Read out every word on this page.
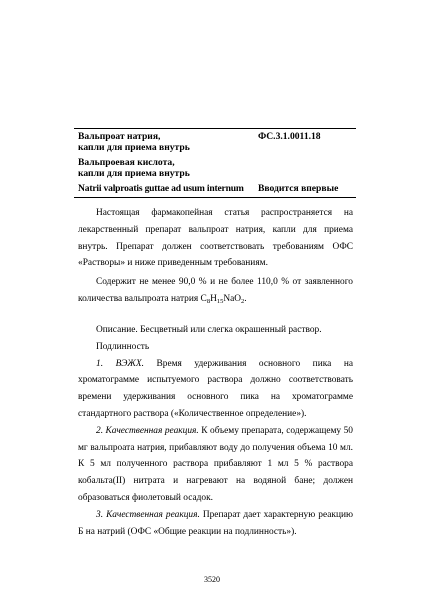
Вальпроат натрия,	ФС.3.1.0011.18
капли для приема внутрь
Вальпроевая кислота,
капли для приема внутрь
Natrii valproatis guttae ad usum internum Вводится впервые

Настоящая фармакопейная статья распространяется на лекарственный препарат вальпроат натрия, капли для приема внутрь. Препарат должен соответствовать требованиям ОФС «Растворы» и ниже приведенным требованиям.

Содержит не менее 90,0 % и не более 110,0 % от заявленного количества вальпроата натрия $C_8H_{15}NaO_2$.

Описание. Бесцветный или слегка окрашенный раствор.

Подлинность

1. ВЭЖХ. Время удерживания основного пика на хроматограмме испытуемого раствора должно соответствовать времени удерживания основного пика на хроматограмме стандартного раствора («Количественное определение»).

2. Качественная реакция. К объему препарата, содержащему 50 мг вальпроата натрия, прибавляют воду до получения объема 10 мл. К 5 мл полученного раствора прибавляют 1 мл 5 % раствора кобальта(II) нитрата и нагревают на водяной бане; должен образоваться фиолетовый осадок.

3. Качественная реакция. Препарат дает характерную реакцию Б на натрий (ОФС «Общие реакции на подлинность»).

3520
